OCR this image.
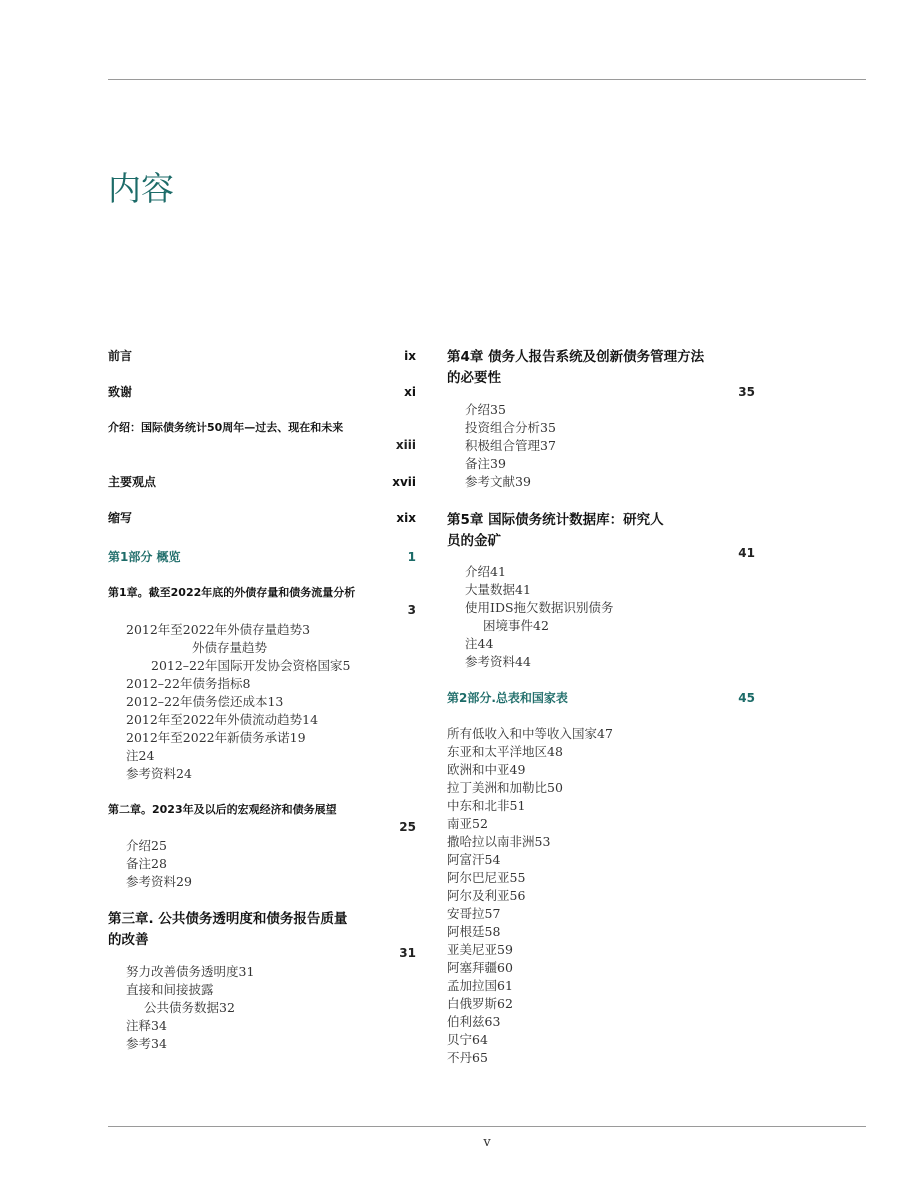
内容
前言	ix
致谢	xi
介绍：国际债务统计50周年—过去、现在和未来
xiii
主要观点	xvii
缩写	xix
第1部分 概览	1
第1章。截至2022年底的外债存量和债务流量分析
3
2012年至2022年外债存量趋势3
外债存量趋势
2012–22年国际开发协会资格国家5
2012–22年债务指标8
2012–22年债务偿还成本13
2012年至2022年外债流动趋势14
2012年至2022年新债务承诺19
注24
参考资料24
第二章。2023年及以后的宏观经济和债务展望
25
介绍25
备注28
参考资料29
第三章. 公共债务透明度和债务报告质量
的改善
31
努力改善债务透明度31
直接和间接披露
公共债务数据32
注释34
参考34
第4章 债务人报告系统及创新债务管理方法
的必要性
35
介绍35
投资组合分析35
积极组合管理37
备注39
参考文献39
第5章 国际债务统计数据库：研究人
员的金矿
41
介绍41
大量数据41
使用IDS拖欠数据识别债务
困境事件42
注44
参考资料44
第2部分.总表和国家表	45
所有低收入和中等收入国家47
东亚和太平洋地区48
欧洲和中亚49
拉丁美洲和加勒比50
中东和北非51
南亚52
撒哈拉以南非洲53
阿富汗54
阿尔巴尼亚55
阿尔及利亚56
安哥拉57
阿根廷58
亚美尼亚59
阿塞拜疆60
孟加拉国61
白俄罗斯62
伯利兹63
贝宁64
不丹65
v
